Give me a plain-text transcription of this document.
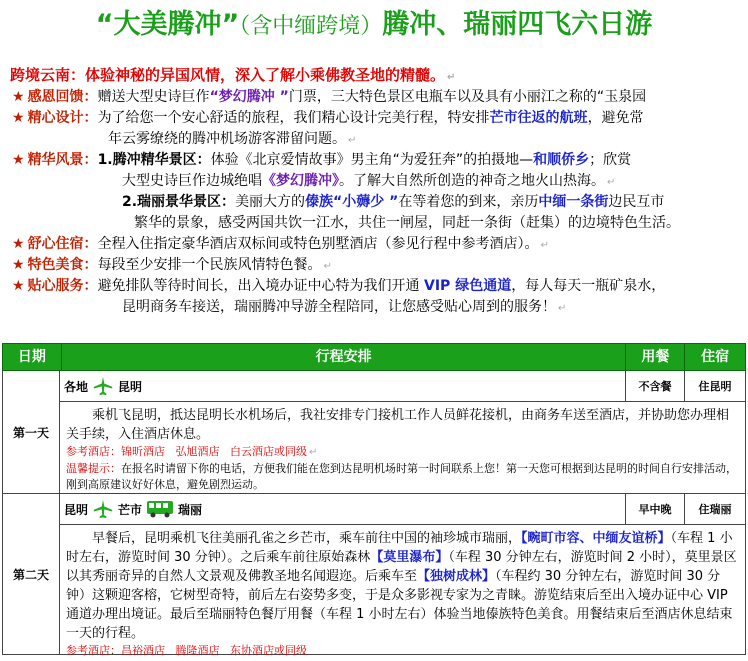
“大美腾冲”（含中缅跨境）腾冲、瑞丽四飞六日游
跨境云南：体验神秘的异国风情，深入了解小乘佛教圣地的精髓。 ↵
★ 感恩回馈：赠送大型史诗巨作“梦幻腾冲 ”门票，三大特色景区电瓶车以及具有小丽江之称的“玉泉园
★ 精心设计：为了给您一个安心舒适的旅程，我们精心设计完美行程，特安排芒市往返的航班，避免常
年云雾缭绕的腾冲机场游客滞留问题。 ↵
★ 精华风景：1.腾冲精华景区：体验《北京爱情故事》男主角“为爱狂奔”的拍摄地—和顺侨乡；欣赏
大型史诗巨作边城绝唱《梦幻腾冲》。了解大自然所创造的神奇之地火山热海。 ↵
2.瑞丽景华景区：美丽大方的傣族“小薅少 ”在等着您的到来，亲历中缅一条街边民互市
繁华的景象，感受两国共饮一江水，共住一闸屋，同赶一条街（赶集）的边境特色生活。
★ 舒心住宿：全程入住指定豪华酒店双标间或特色别墅酒店（参见行程中参考酒店）。 ↵
★ 特色美食：每段至少安排一个民族风情特色餐。 ↵
★ 贴心服务：避免排队等待时间长，出入境办证中心特为我们开通 VIP 绿色通道，每人每天一瓶矿泉水，
昆明商务车接送，瑞丽腾冲导游全程陪同，让您感受贴心周到的服务！ ↵
日期	行程安排	用餐	住宿
第一天
各地	昆明	不含餐	住昆明

乘机飞昆明，抵达昆明长水机场后，我社安排专门接机工作人员鲜花接机，由商务车送至酒店，并协助您办理相关手续，入住酒店休息。

参考酒店：锦昕酒店 弘旭酒店 白云酒店或同级 ↵
温馨提示：在报名时请留下你的电话，方便我们能在您到达昆明机场时第一时间联系上您！第一天您可根据到达昆明的时间自行安排活动，刚到高原建议好好休息，避免剧烈运动。
第二天
昆明	芒市	瑞丽	早中晚	住瑞丽

早餐后，昆明乘机飞往美丽孔雀之乡芒市，乘车前往中国的袖珍城市瑞丽，【畹町市容、中缅友谊桥】（车程 1 小时左右，游览时间 30 分钟）。之后乘车前往原始森林【莫里瀑布】（车程 30 分钟左右，游览时间 2 小时），莫里景区以其秀丽奇异的自然人文景观及佛教圣地名闻遐迩。后乘车至【独树成林】（车程约 30 分钟左右，游览时间 30 分钟）这颗迎客榕，它树型奇特，前后左右姿势多变，于是众多影视专家为之青睐。游览结束后至出入境办证中心 VIP 通道办理出境证。最后至瑞丽特色餐厅用餐（车程 1 小时左右）体验当地傣族特色美食。用餐结束后至酒店休息结束一天的行程。

参考酒店：昌裕酒店 腾隆酒店 东协酒店或同级
